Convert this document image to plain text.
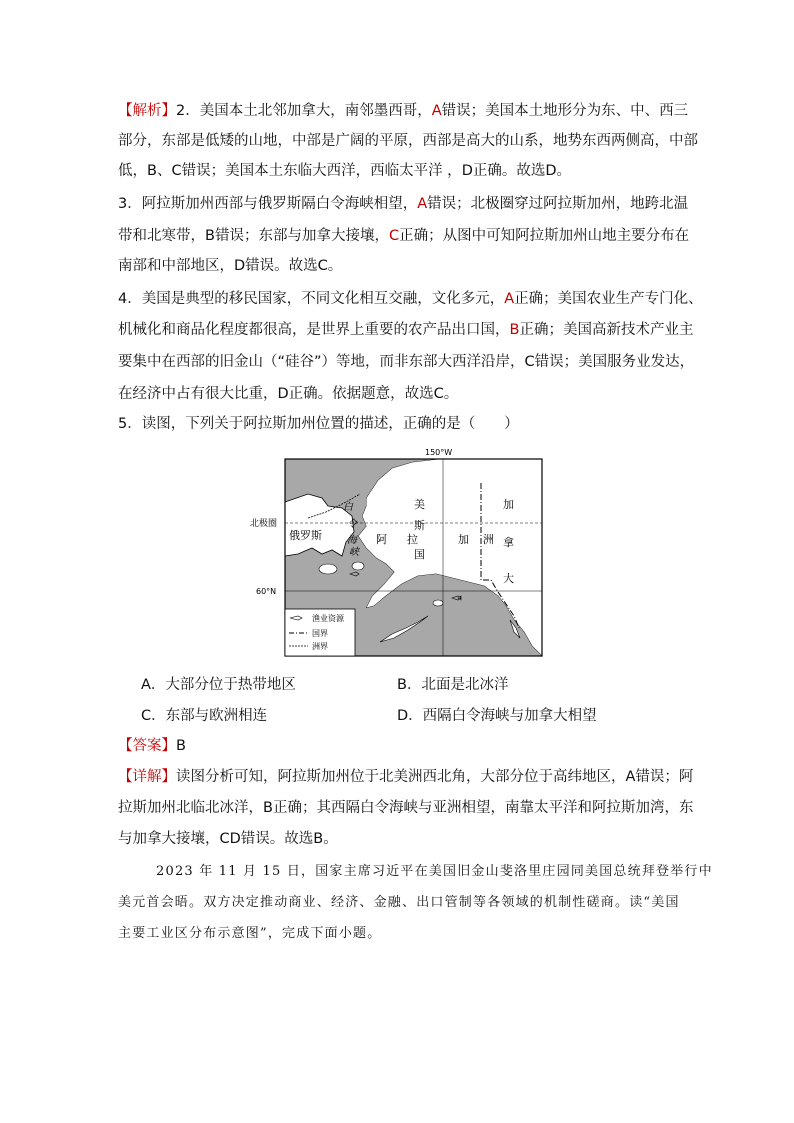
【解析】2．美国本土北邻加拿大，南邻墨西哥，A错误；美国本土地形分为东、中、西三
部分，东部是低矮的山地，中部是广阔的平原，西部是高大的山系，地势东西两侧高，中部
低，B、C错误；美国本土东临大西洋，西临太平洋 ，D正确。故选D。
3．阿拉斯加州西部与俄罗斯隔白令海峡相望，A错误；北极圈穿过阿拉斯加州，地跨北温
带和北寒带，B错误；东部与加拿大接壤，C正确；从图中可知阿拉斯加州山地主要分布在
南部和中部地区，D错误。故选C。
4．美国是典型的移民国家，不同文化相互交融，文化多元，A正确；美国农业生产专门化、
机械化和商品化程度都很高，是世界上重要的农产品出口国，B正确；美国高新技术产业主
要集中在西部的旧金山（“硅谷”）等地，而非东部大西洋沿岸，C错误；美国服务业发达，
在经济中占有很大比重，D正确。依据题意，故选C。
5．读图，下列关于阿拉斯加州位置的描述，正确的是（　　）
150°W
北极圈
60°N
白
令
海
峡
俄罗斯
美
阿 拉
斯
国
加 洲
加
拿
大
渔业资源
国界
洲界
A．大部分位于热带地区	B．北面是北冰洋
C．东部与欧洲相连	D．西隔白令海峡与加拿大相望
【答案】B
【详解】读图分析可知，阿拉斯加州位于北美洲西北角，大部分位于高纬地区，A错误；阿
拉斯加州北临北冰洋，B正确；其西隔白令海峡与亚洲相望，南靠太平洋和阿拉斯加湾，东
与加拿大接壤，CD错误。故选B。
2023 年 11 月 15 日，国家主席习近平在美国旧金山斐洛里庄园同美国总统拜登举行中
美元首会晤。双方决定推动商业、经济、金融、出口管制等各领域的机制性磋商。读“美国
主要工业区分布示意图”，完成下面小题。
